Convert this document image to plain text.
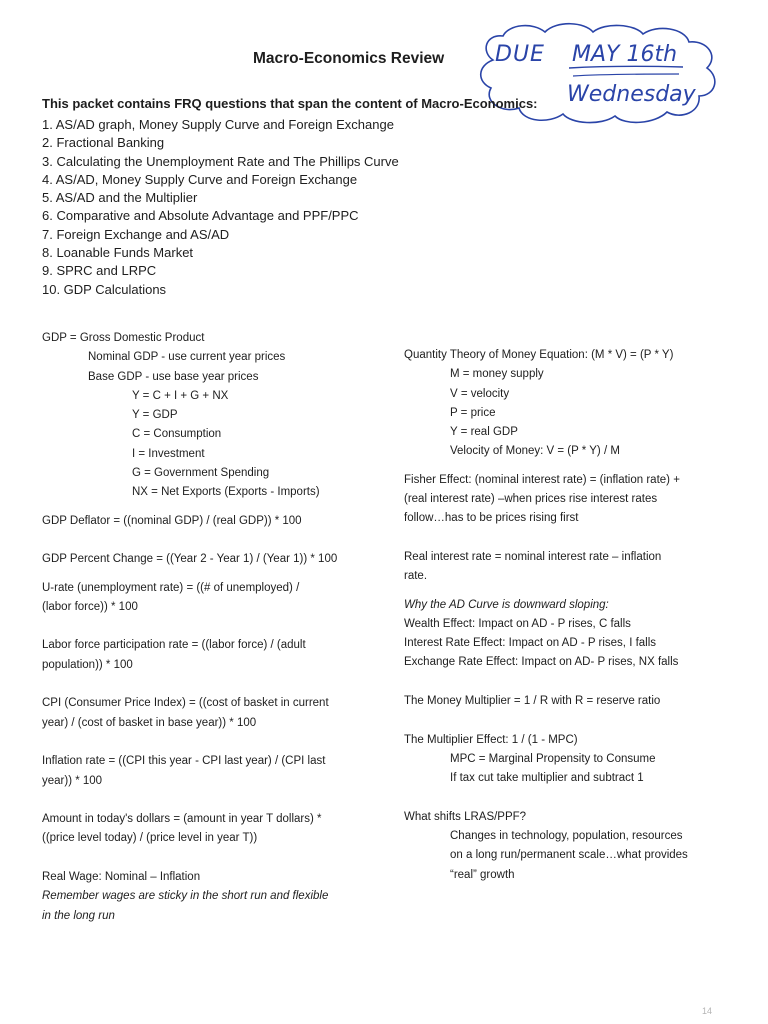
Macro-Economics Review DUE MAY 16th
Wednesday
This packet contains FRQ questions that span the content of Macro-Economics:
1. AS/AD graph, Money Supply Curve and Foreign Exchange
2. Fractional Banking
3. Calculating the Unemployment Rate and The Phillips Curve
4. AS/AD, Money Supply Curve and Foreign Exchange
5. AS/AD and the Multiplier
6. Comparative and Absolute Advantage and PPF/PPC
7. Foreign Exchange and AS/AD
8. Loanable Funds Market
9. SPRC and LRPC
10. GDP Calculations
GDP = Gross Domestic Product
Nominal GDP - use current year prices
Base GDP - use base year prices
Y = C + I + G + NX
Y = GDP
C = Consumption
I = Investment
G = Government Spending
NX = Net Exports (Exports - Imports)
GDP Deflator = ((nominal GDP) / (real GDP)) * 100
GDP Percent Change = ((Year 2 - Year 1) / (Year 1)) * 100
U-rate (unemployment rate) = ((# of unemployed) /
(labor force)) * 100
Labor force participation rate = ((labor force) / (adult
population)) * 100
CPI (Consumer Price Index) = ((cost of basket in current
year) / (cost of basket in base year)) * 100
Inflation rate = ((CPI this year - CPI last year) / (CPI last
year)) * 100
Amount in today's dollars = (amount in year T dollars) *
((price level today) / (price level in year T))
Real Wage: Nominal – Inflation
Remember wages are sticky in the short run and flexible
in the long run
Quantity Theory of Money Equation: (M * V) = (P * Y)
M = money supply
V = velocity
P = price
Y = real GDP
Velocity of Money: V = (P * Y) / M
Fisher Effect: (nominal interest rate) = (inflation rate) +
(real interest rate) –when prices rise interest rates
follow…has to be prices rising first
Real interest rate = nominal interest rate – inflation
rate.
Why the AD Curve is downward sloping:
Wealth Effect: Impact on AD - P rises, C falls
Interest Rate Effect: Impact on AD - P rises, I falls
Exchange Rate Effect: Impact on AD- P rises, NX falls
The Money Multiplier = 1 / R with R = reserve ratio
The Multiplier Effect: 1 / (1 - MPC)
MPC = Marginal Propensity to Consume
If tax cut take multiplier and subtract 1
What shifts LRAS/PPF?
Changes in technology, population, resources
on a long run/permanent scale…what provides
“real” growth
14
